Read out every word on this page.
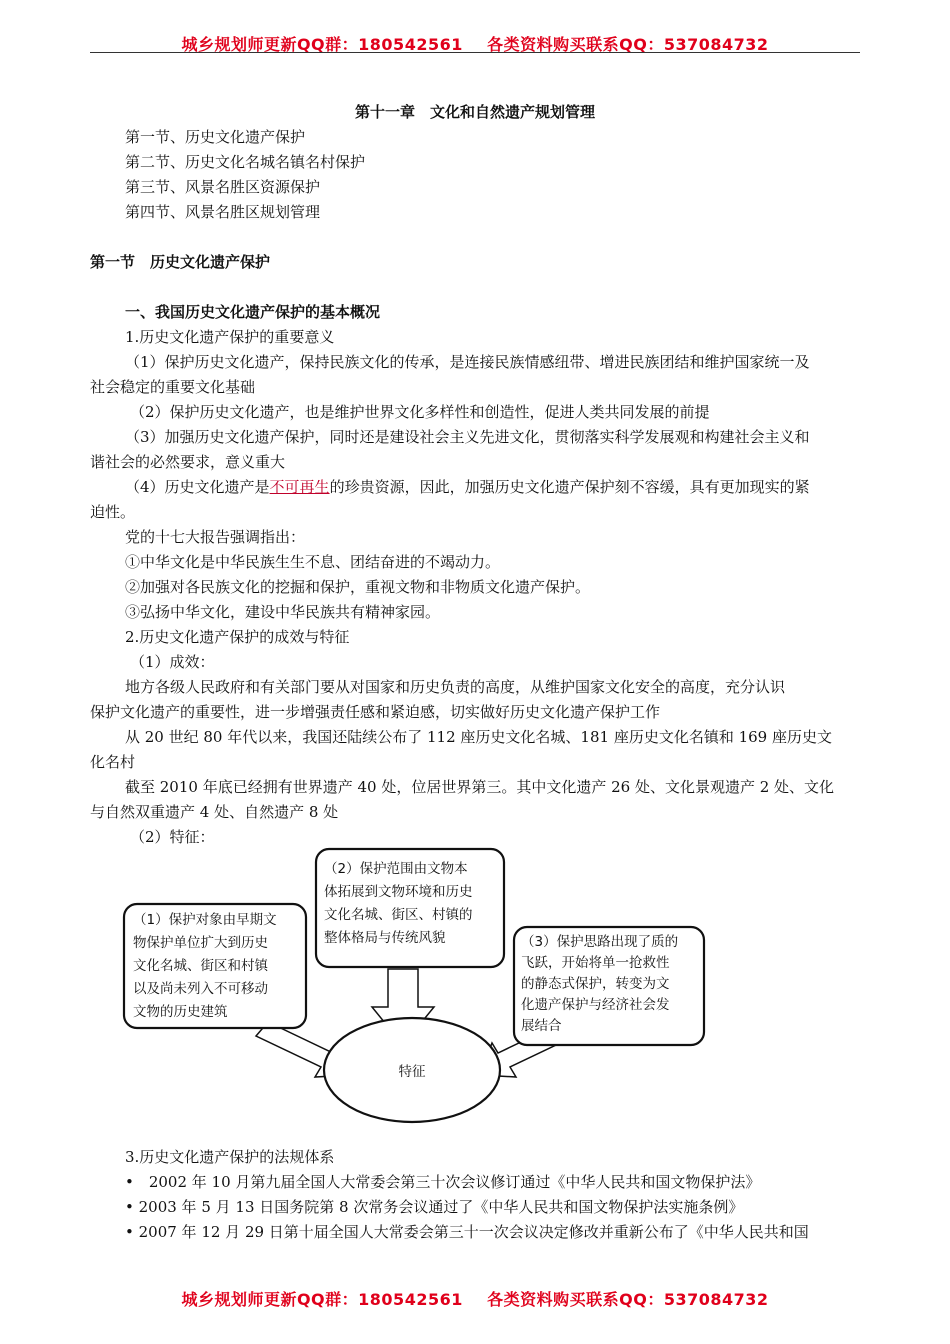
城乡规划师更新QQ群：180542561 各类资料购买联系QQ：537084732
第十一章　文化和自然遗产规划管理
第一节、历史文化遗产保护
第二节、历史文化名城名镇名村保护
第三节、风景名胜区资源保护
第四节、风景名胜区规划管理
第一节　历史文化遗产保护
一、我国历史文化遗产保护的基本概况
1.历史文化遗产保护的重要意义
（1）保护历史文化遗产，保持民族文化的传承，是连接民族情感纽带、增进民族团结和维护国家统一及
社会稳定的重要文化基础
（2）保护历史文化遗产，也是维护世界文化多样性和创造性，促进人类共同发展的前提
（3）加强历史文化遗产保护，同时还是建设社会主义先进文化，贯彻落实科学发展观和构建社会主义和
谐社会的必然要求，意义重大
（4）历史文化遗产是不可再生的珍贵资源，因此，加强历史文化遗产保护刻不容缓，具有更加现实的紧
迫性。
党的十七大报告强调指出：
①中华文化是中华民族生生不息、团结奋进的不竭动力。
②加强对各民族文化的挖掘和保护，重视文物和非物质文化遗产保护。
③弘扬中华文化，建设中华民族共有精神家园。
2.历史文化遗产保护的成效与特征
（1）成效：
地方各级人民政府和有关部门要从对国家和历史负责的高度，从维护国家文化安全的高度，充分认识
保护文化遗产的重要性，进一步增强责任感和紧迫感，切实做好历史文化遗产保护工作
从 20 世纪 80 年代以来，我国还陆续公布了 112 座历史文化名城、181 座历史文化名镇和 169 座历史文
化名村
截至 2010 年底已经拥有世界遗产 40 处，位居世界第三。其中文化遗产 26 处、文化景观遗产 2 处、文化
与自然双重遗产 4 处、自然遗产 8 处
（2）特征：
3.历史文化遗产保护的法规体系
•　2002 年 10 月第九届全国人大常委会第三十次会议修订通过《中华人民共和国文物保护法》
• 2003 年 5 月 13 日国务院第 8 次常务会议通过了《中华人民共和国文物保护法实施条例》
• 2007 年 12 月 29 日第十届全国人大常委会第三十一次会议决定修改并重新公布了《中华人民共和国
特征
（1）保护对象由早期文 物保护单位扩大到历史 文化名城、街区和村镇 以及尚未列入不可移动 文物的历史建筑
（2）保护范围由文物本 体拓展到文物环境和历史 文化名城、街区、村镇的 整体格局与传统风貌	（3）保护思路出现了质的 飞跃，开始将单一抢救性 的静态式保护，转变为文 化遗产保护与经济社会发 展结合
城乡规划师更新QQ群：180542561 各类资料购买联系QQ：537084732
